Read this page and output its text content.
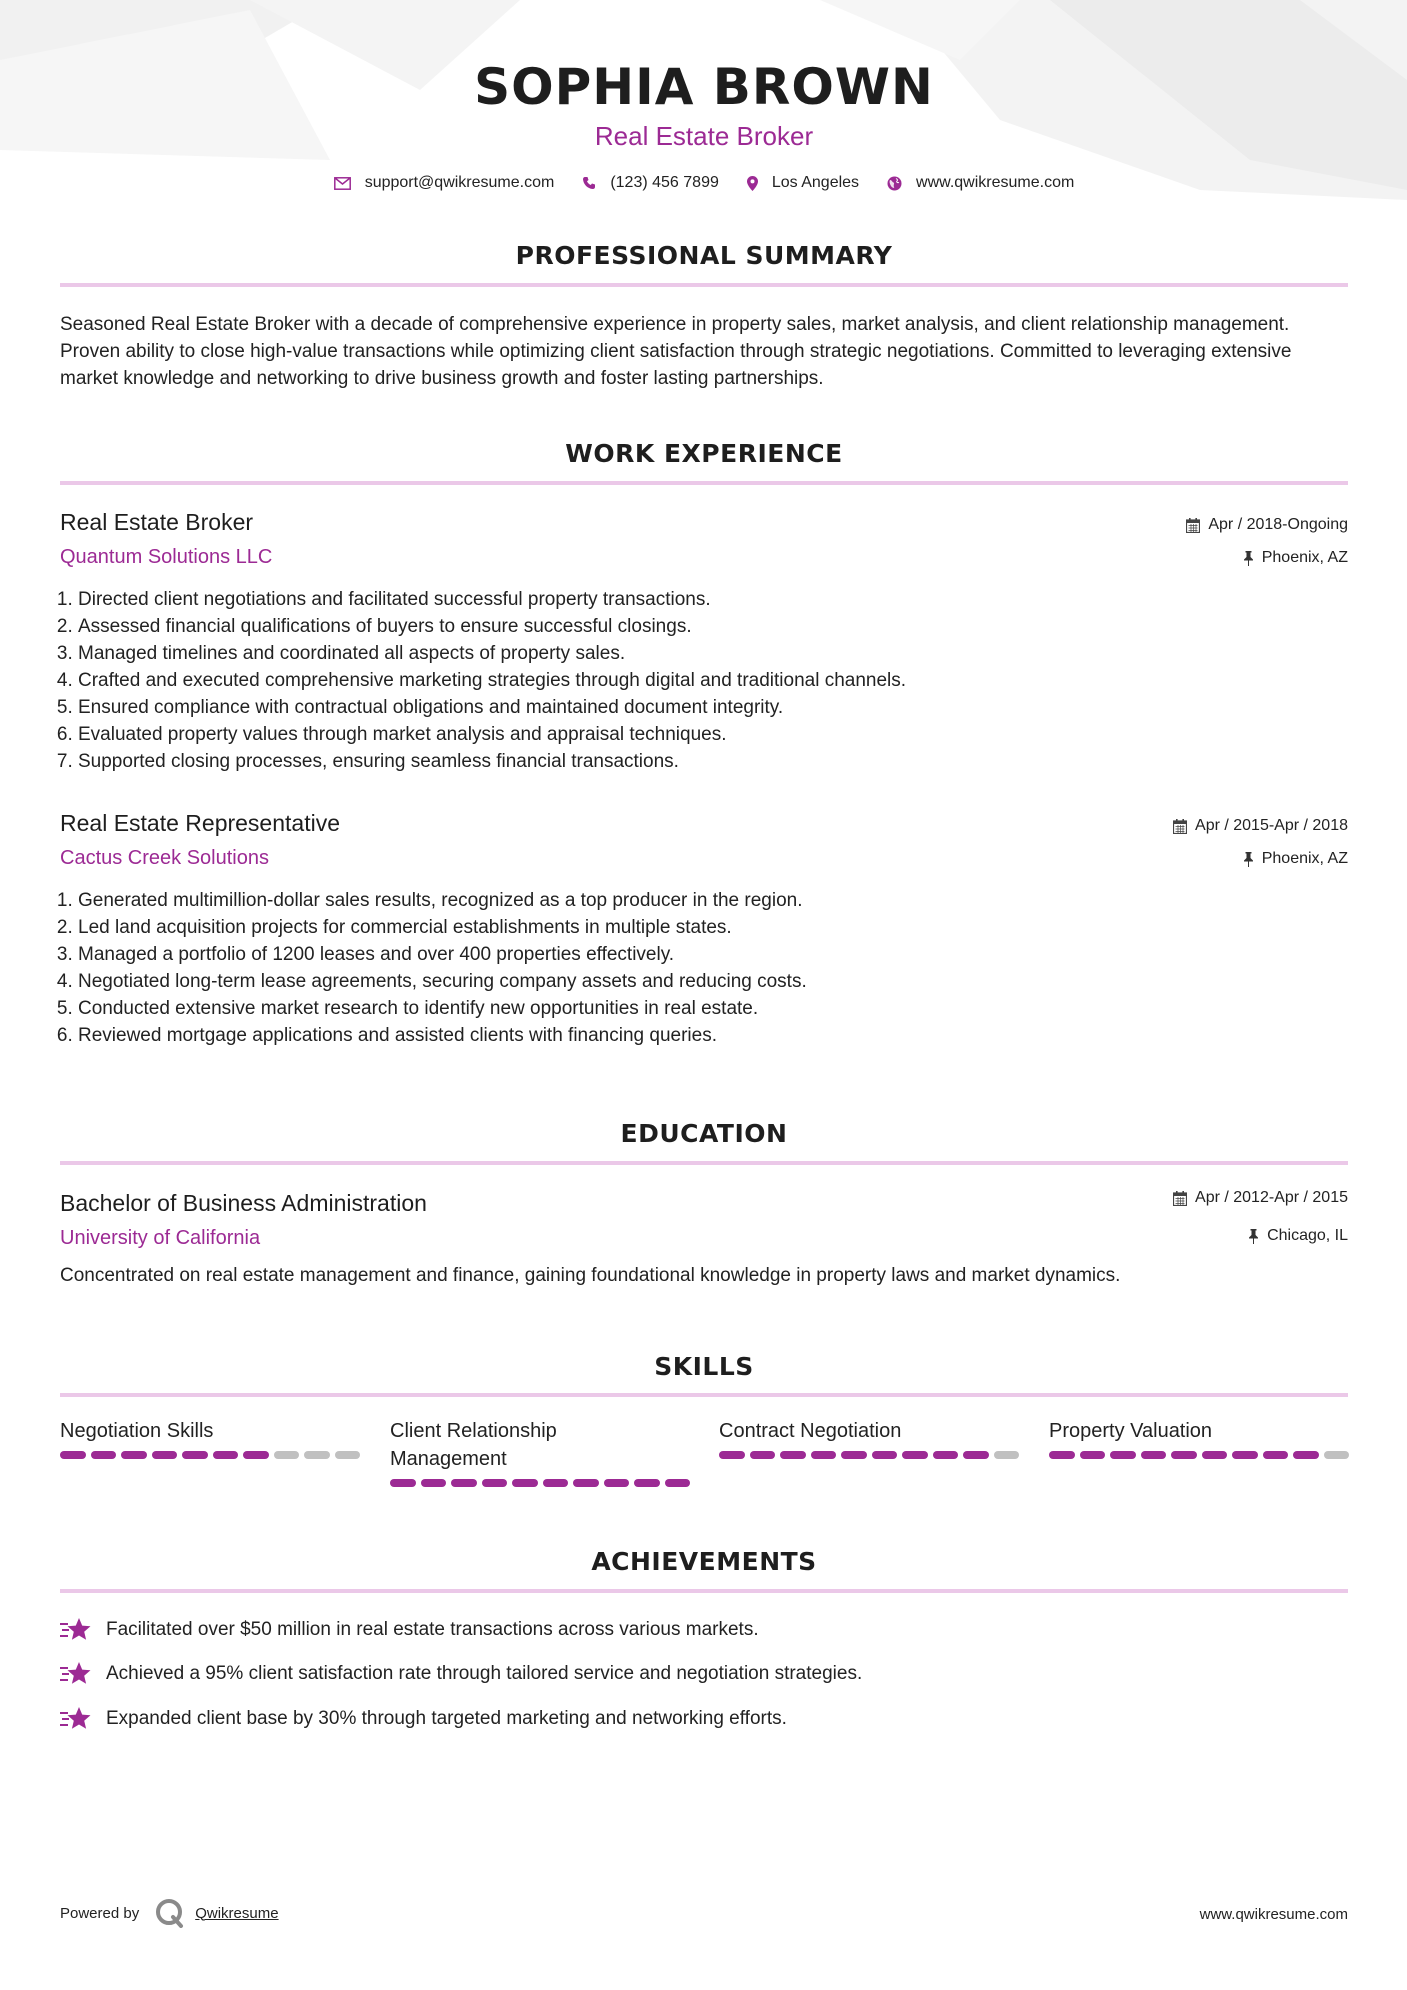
SOPHIA BROWN
Real Estate Broker
support@qwikresume.com	(123) 456 7899	Los Angeles	www.qwikresume.com
PROFESSIONAL SUMMARY

Seasoned Real Estate Broker with a decade of comprehensive experience in property sales, market analysis, and client relationship management. Proven ability to close high-value transactions while optimizing client satisfaction through strategic negotiations. Committed to leveraging extensive market knowledge and networking to drive business growth and foster lasting partnerships.

WORK EXPERIENCE
Real Estate Broker
Quantum Solutions LLC
Apr / 2018-Ongoing
Phoenix, AZ
1. Directed client negotiations and facilitated successful property transactions.
2. Assessed financial qualifications of buyers to ensure successful closings.
3. Managed timelines and coordinated all aspects of property sales.
4. Crafted and executed comprehensive marketing strategies through digital and traditional channels.
5. Ensured compliance with contractual obligations and maintained document integrity.
6. Evaluated property values through market analysis and appraisal techniques.
7. Supported closing processes, ensuring seamless financial transactions.
Real Estate Representative
Cactus Creek Solutions
Apr / 2015-Apr / 2018
Phoenix, AZ
1. Generated multimillion-dollar sales results, recognized as a top producer in the region.
2. Led land acquisition projects for commercial establishments in multiple states.
3. Managed a portfolio of 1200 leases and over 400 properties effectively.
4. Negotiated long-term lease agreements, securing company assets and reducing costs.
5. Conducted extensive market research to identify new opportunities in real estate.
6. Reviewed mortgage applications and assisted clients with financing queries.
EDUCATION
Bachelor of Business Administration
University of California
Apr / 2012-Apr / 2015
Chicago, IL

Concentrated on real estate management and finance, gaining foundational knowledge in property laws and market dynamics.

SKILLS
Negotiation Skills	Client Relationship Management
Contract Negotiation	Property Valuation
ACHIEVEMENTS
Facilitated over $50 million in real estate transactions across various markets.
Achieved a 95% client satisfaction rate through tailored service and negotiation strategies.
Expanded client base by 30% through targeted marketing and networking efforts.
Powered by	Qwikresume	www.qwikresume.com
